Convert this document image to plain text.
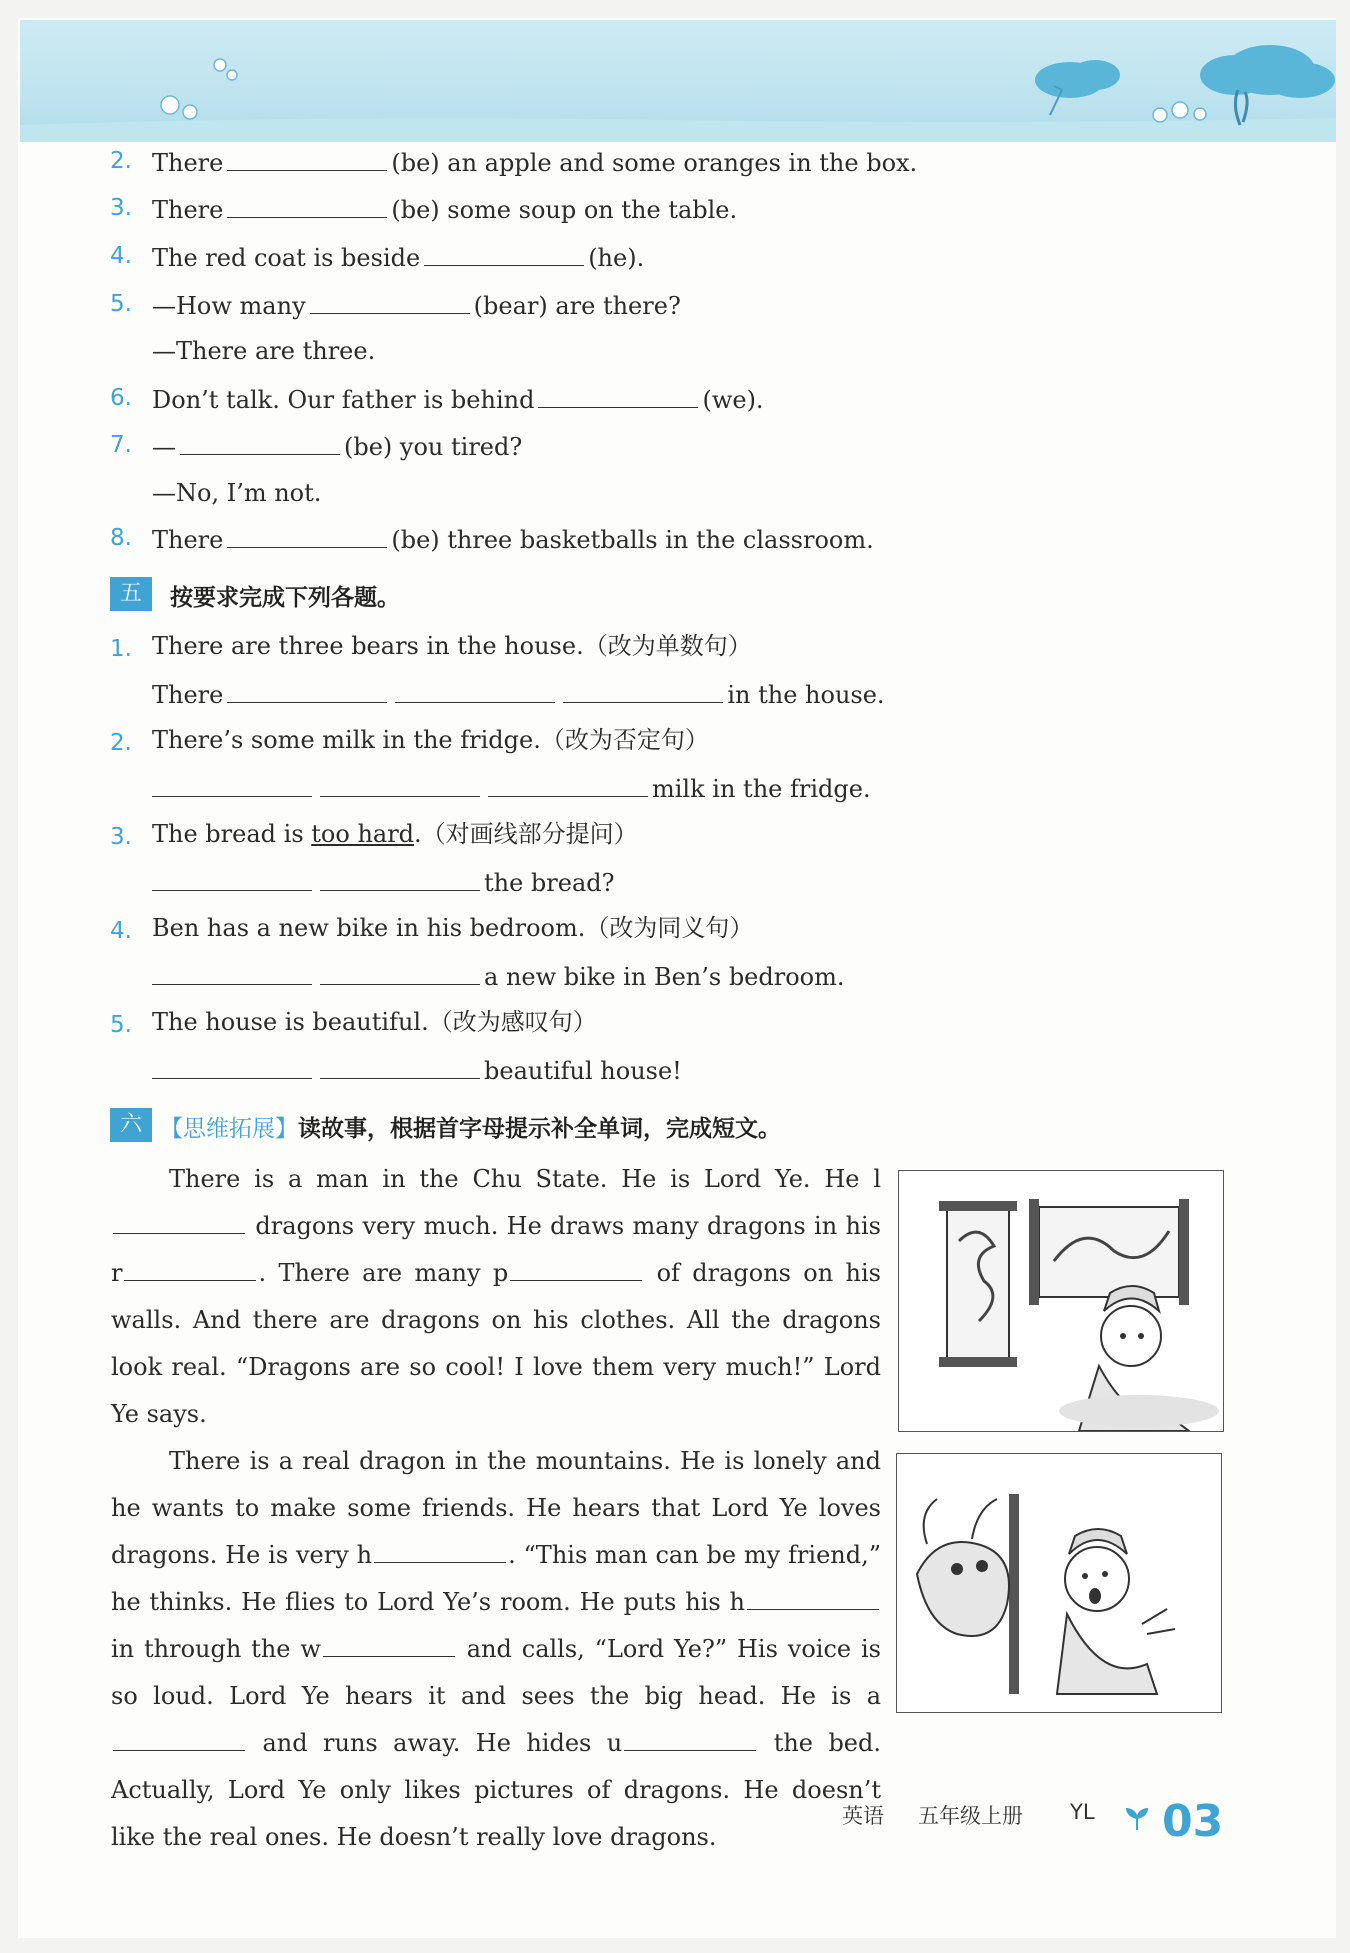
2. There	(be) an apple and some oranges in the box.
3. There	(be) some soup on the table.
4. The red coat is beside	(he).
5. —How many	(bear) are there?
—There are three.
6. Don’t talk. Our father is behind	(we).
7. —	(be) you tired?
—No, I’m not.
8. There	(be) three basketballs in the classroom.
五	按要求完成下列各题。
1. There are three bears in the house.（改为单数句）
There	in the house.
2. There’s some milk in the fridge.（改为否定句）
milk in the fridge.
3. The bread is too hard.（对画线部分提问）
the bread?
4. Ben has a new bike in his bedroom.（改为同义句）
a new bike in Ben’s bedroom.
5. The house is beautiful.（改为感叹句）
beautiful house!
六 【思维拓展】读故事，根据首字母提示补全单词，完成短文。

There is a man in the Chu State. He is Lord Ye. He l dragons very much. He draws many dragons in his r	. There are many p	of dragons on his walls. And there are dragons on his clothes. All the dragons look real. “Dragons are so cool! I love them very much!” Lord Ye says.

There is a real dragon in the mountains. He is lonely and he wants to make some friends. He hears that Lord Ye loves dragons. He is very h	. “This man can be my friend,” he thinks. He flies to Lord Ye’s room. He puts his h in through the w	and calls, “Lord Ye?” His voice is so loud. Lord Ye hears it and sees the big head. He is a and runs away. He hides u	the bed. Actually, Lord Ye only likes pictures of dragons. He doesn’t like the real ones. He doesn’t really love dragons.

英语 五年级上册 YL 03
